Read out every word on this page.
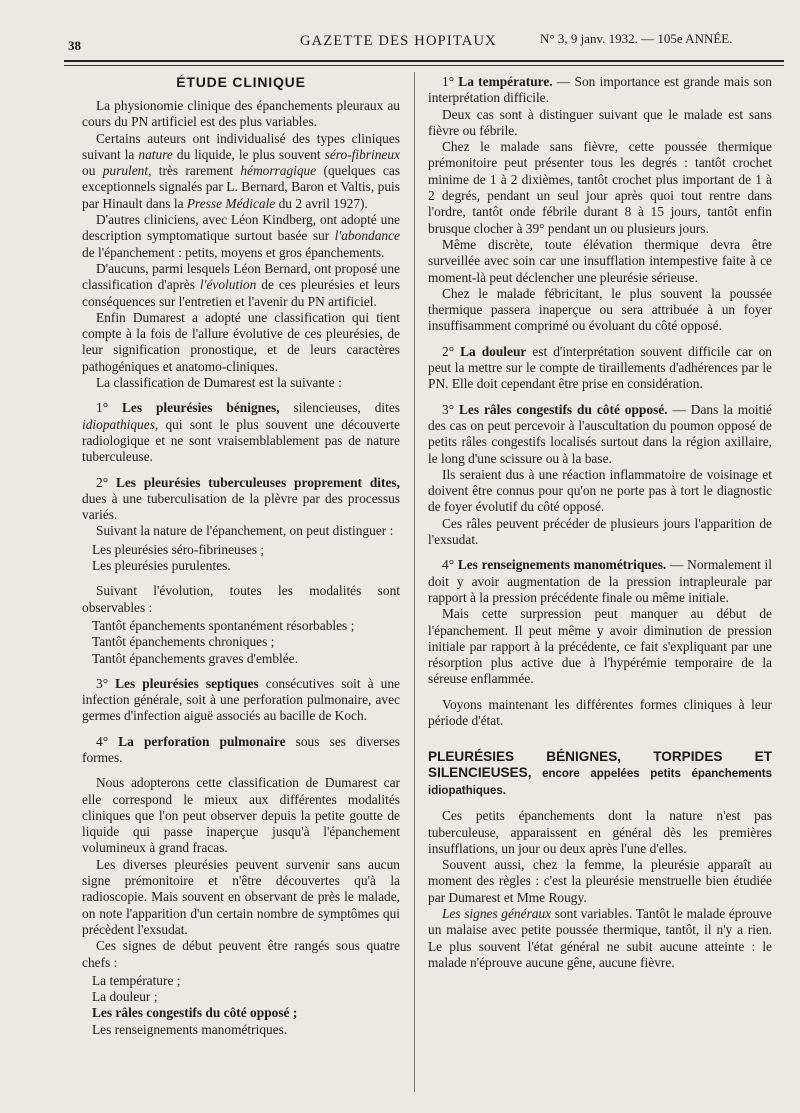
38	GAZETTE DES HOPITAUX	N° 3, 9 janv. 1932. — 105e ANNÉE.
ÉTUDE CLINIQUE

La physionomie clinique des épanchements pleuraux au cours du PN artificiel est des plus variables.

Certains auteurs ont individualisé des types cliniques suivant la nature du liquide, le plus souvent séro-fibrineux ou purulent, très rarement hémorragique (quelques cas exceptionnels signalés par L. Bernard, Baron et Valtis, puis par Hinault dans la Presse Médicale du 2 avril 1927).

D'autres cliniciens, avec Léon Kindberg, ont adopté une description symptomatique surtout basée sur l'abondance de l'épanchement : petits, moyens et gros épanchements.

D'aucuns, parmi lesquels Léon Bernard, ont proposé une classification d'après l'évolution de ces pleurésies et leurs conséquences sur l'entretien et l'avenir du PN artificiel.

Enfin Dumarest a adopté une classification qui tient compte à la fois de l'allure évolutive de ces pleurésies, de leur signification pronostique, et de leurs caractères pathogéniques et anatomo-cliniques.

La classification de Dumarest est la suivante :

1° Les pleurésies bénignes, silencieuses, dites idiopathiques, qui sont le plus souvent une découverte radiologique et ne sont vraisemblablement pas de nature tuberculeuse.

2° Les pleurésies tuberculeuses proprement dites, dues à une tuberculisation de la plèvre par des processus variés.

Suivant la nature de l'épanchement, on peut distinguer :

Les pleurésies séro-fibrineuses ;
Les pleurésies purulentes.

Suivant l'évolution, toutes les modalités sont observables :

Tantôt épanchements spontanément résorbables ;
Tantôt épanchements chroniques ;
Tantôt épanchements graves d'emblée.

3° Les pleurésies septiques consécutives soit à une infection générale, soit à une perforation pulmonaire, avec germes d'infection aiguë associés au bacille de Koch.

4° La perforation pulmonaire sous ses diverses formes.

Nous adopterons cette classification de Dumarest car elle correspond le mieux aux différentes modalités cliniques que l'on peut observer depuis la petite goutte de liquide qui passe inaperçue jusqu'à l'épanchement volumineux à grand fracas.

Les diverses pleurésies peuvent survenir sans aucun signe prémonitoire et n'être découvertes qu'à la radioscopie. Mais souvent en observant de près le malade, on note l'apparition d'un certain nombre de symptômes qui précèdent l'exsudat.

Ces signes de début peuvent être rangés sous quatre chefs :

La température ;
La douleur ;
Les râles congestifs du côté opposé ;
Les renseignements manométriques.

1° La température. — Son importance est grande mais son interprétation difficile.

Deux cas sont à distinguer suivant que le malade est sans fièvre ou fébrile.

Chez le malade sans fièvre, cette poussée thermique prémonitoire peut présenter tous les degrés : tantôt crochet minime de 1 à 2 dixièmes, tantôt crochet plus important de 1 à 2 degrés, pendant un seul jour après quoi tout rentre dans l'ordre, tantôt onde fébrile durant 8 à 15 jours, tantôt enfin brusque clocher à 39° pendant un ou plusieurs jours.

Même discrète, toute élévation thermique devra être surveillée avec soin car une insufflation intempestive faite à ce moment-là peut déclencher une pleurésie sérieuse.

Chez le malade fébricitant, le plus souvent la poussée thermique passera inaperçue ou sera attribuée à un foyer insuffisamment comprimé ou évoluant du côté opposé.

2° La douleur est d'interprétation souvent difficile car on peut la mettre sur le compte de tiraillements d'adhérences par le PN. Elle doit cependant être prise en considération.

3° Les râles congestifs du côté opposé. — Dans la moitié des cas on peut percevoir à l'auscultation du poumon opposé de petits râles congestifs localisés surtout dans la région axillaire, le long d'une scissure ou à la base.

Ils seraient dus à une réaction inflammatoire de voisinage et doivent être connus pour qu'on ne porte pas à tort le diagnostic de foyer évolutif du côté opposé.

Ces râles peuvent précéder de plusieurs jours l'apparition de l'exsudat.

4° Les renseignements manométriques. — Normalement il doit y avoir augmentation de la pression intrapleurale par rapport à la pression précédente finale ou même initiale.

Mais cette surpression peut manquer au début de l'épanchement. Il peut même y avoir diminution de pression initiale par rapport à la précédente, ce fait s'expliquant par une résorption plus active due à l'hypérémie temporaire de la séreuse enflammée.

Voyons maintenant les différentes formes cliniques à leur période d'état.

PLEURÉSIES BÉNIGNES, TORPIDES ET SILENCIEUSES, encore appelées petits épanchements idiopathiques.

Ces petits épanchements dont la nature n'est pas tuberculeuse, apparaissent en général dès les premières insufflations, un jour ou deux après l'une d'elles.

Souvent aussi, chez la femme, la pleurésie apparaît au moment des règles : c'est la pleurésie menstruelle bien étudiée par Dumarest et Mme Rougy.

Les signes généraux sont variables. Tantôt le malade éprouve un malaise avec petite poussée thermique, tantôt, il n'y a rien. Le plus souvent l'état général ne subit aucune atteinte : le malade n'éprouve aucune gêne, aucune fièvre.
